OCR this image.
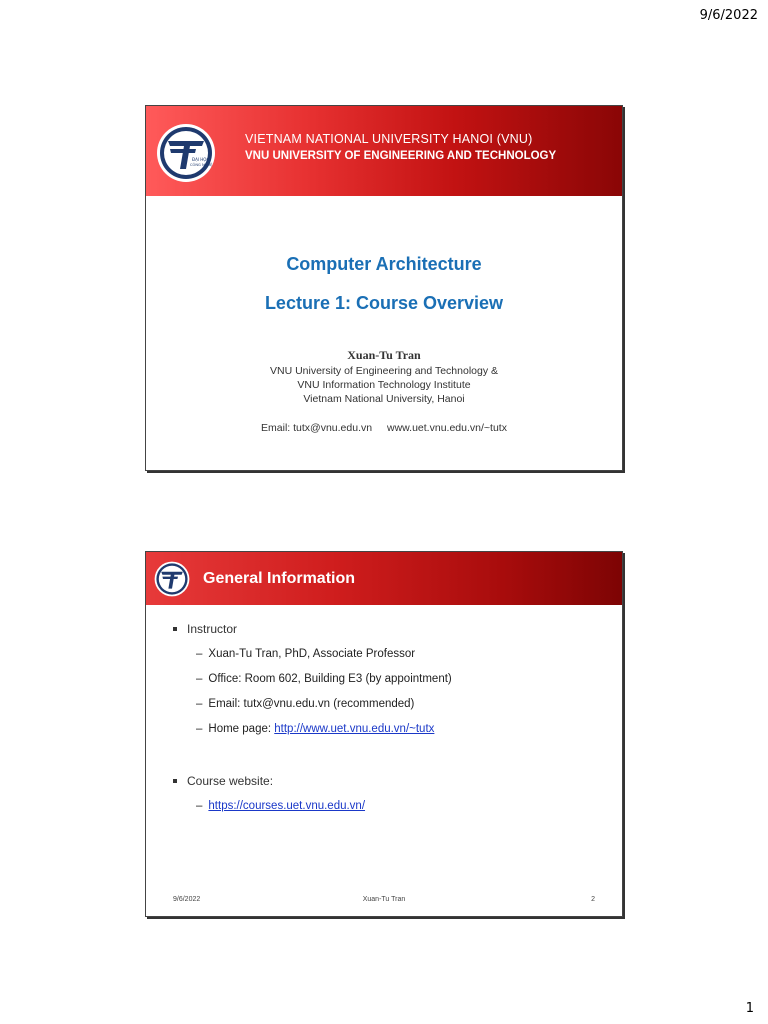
9/6/2022
ĐẠI HỌC
CÔNG NGHỆ
VIETNAM NATIONAL UNIVERSITY HANOI (VNU)
VNU UNIVERSITY OF ENGINEERING AND TECHNOLOGY
Computer Architecture
Lecture 1: Course Overview
Xuan-Tu Tran
VNU University of Engineering and Technology &
VNU Information Technology Institute
Vietnam National University, Hanoi
Email: tutx@vnu.edu.vn www.uet.vnu.edu.vn/~tutx
General Information
Instructor
– Xuan-Tu Tran, PhD, Associate Professor
– Office: Room 602, Building E3 (by appointment)
– Email: tutx@vnu.edu.vn (recommended)
– Home page: http://www.uet.vnu.edu.vn/~tutx
Course website:
– https://courses.uet.vnu.edu.vn/
9/6/2022	Xuan-Tu Tran	2
1
